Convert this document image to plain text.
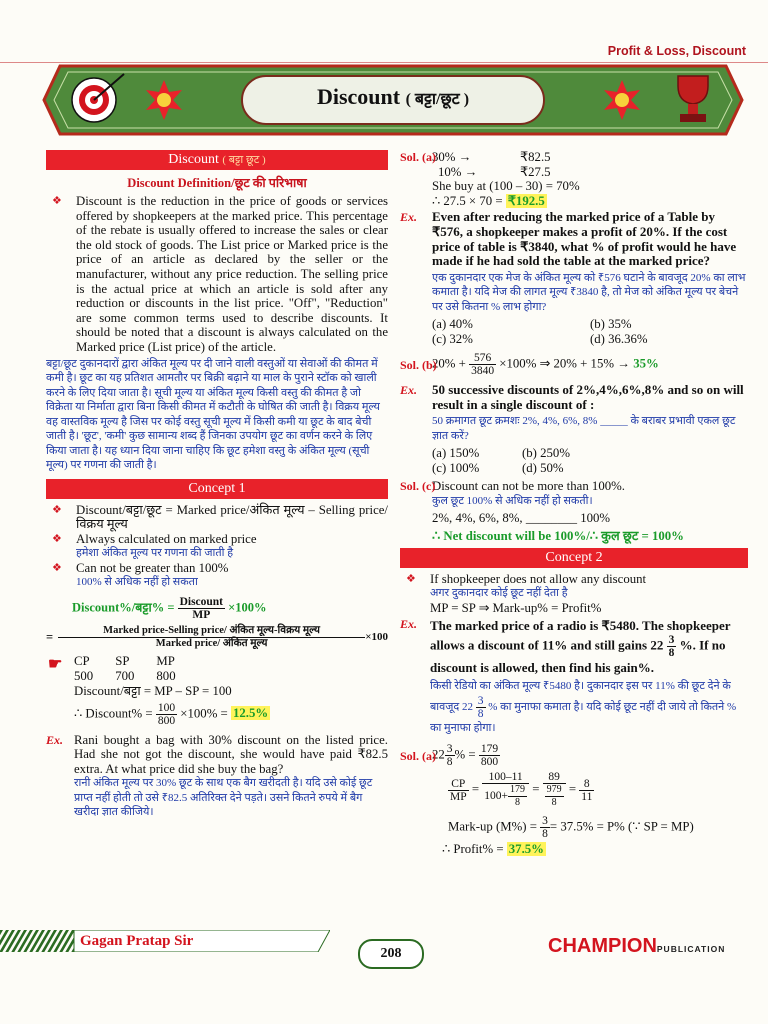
Profit & Loss, Discount
Discount ( बट्टा/छूट )
Discount ( बट्टा छूट )
Discount Definition/छूट की परिभाषा

❖ Discount is the reduction in the price of goods or services offered by shopkeepers at the marked price. This percentage of the rebate is usually offered to increase the sales or clear the old stock of goods. The List price or Marked price is the price of an article as declared by the seller or the manufacturer, without any price reduction. The selling price is the actual price at which an article is sold after any reduction or discounts in the list price. "Off", "Reduction" are some common terms used to describe discounts. It should be noted that a discount is always calculated on the Marked price (List price) of the article.

बट्टा/छूट दुकानदारों द्वारा अंकित मूल्य पर दी जाने वाली वस्तुओं या सेवाओं की कीमत में कमी है। छूट का यह प्रतिशत आमतौर पर बिक्री बढ़ाने या माल के पुराने स्टॉक को खाली करने के लिए दिया जाता है। सूची मूल्य या अंकित मूल्य किसी वस्तु की कीमत है जो विक्रेता या निर्माता द्वारा बिना किसी कीमत में कटौती के घोषित की जाती है। विक्रय मूल्य वह वास्तविक मूल्य है जिस पर कोई वस्तु सूची मूल्य में किसी कमी या छूट के बाद बेची जाती है। 'छूट', 'कमी' कुछ सामान्य शब्द हैं जिनका उपयोग छूट का वर्णन करने के लिए किया जाता है। यह ध्यान दिया जाना चाहिए कि छूट हमेशा वस्तु के अंकित मूल्य (सूची मूल्य) पर गणना की जाती है।

Concept 1

❖ Discount/बट्टा/छूट = Marked price/अंकित मूल्य – Selling price/विक्रय मूल्य

❖ Always calculated on marked price

हमेशा अंकित मूल्य पर गणना की जाती है

❖ Can not be greater than 100%

100% से अधिक नहीं हो सकता

Discount%/बट्टा% = $\frac{\text{Discount}}{MP} \times 100\%$
= $\frac{\text{Marked price-Selling price/ अंकित मूल्य-विक्रय मूल्य}}{\text{Marked price/ अंकित मूल्य}} \times 100$
☛ CP	SP	MP
500	700	800

Discount/बट्टा = MP – SP = 100

∴ Discount% = $\frac{100}{800} \times 100\% = 12.5\%$

Ex. Rani bought a bag with 30% discount on the listed price. Had she not got the discount, she would have paid ₹82.5 extra. At what price did she buy the bag?

रानी अंकित मूल्य पर 30% छूट के साथ एक बैग खरीदती है। यदि उसे कोई छूट प्राप्त नहीं होती तो उसे ₹82.5 अतिरिक्त देने पड़ते। उसने कितने रुपये में बैग खरीदा ज्ञात कीजिये।

Sol. (a)

30% →	₹82.5

10% →	₹27.5

She buy at (100 – 30) = 70%

∴ 27.5 × 70 = ₹192.5

Ex. Even after reducing the marked price of a Table by ₹576, a shopkeeper makes a profit of 20%. If the cost price of table is ₹3840, what % of profit would he have made if he had sold the table at the marked price?

एक दुकानदार एक मेज के अंकित मूल्य को ₹576 घटाने के बावजूद 20% का लाभ कमाता है। यदि मेज की लागत मूल्य ₹3840 है, तो मेज को अंकित मूल्य पर बेचने पर उसे कितना % लाभ होगा?

(a) 40%	(b) 35%
(c) 32%	(d) 36.36%
Sol. (b)

$20\% + \frac{576}{3840} \times 100\%$ ⇒ 20% + 15% → 35%

Ex. 50 successive discounts of 2%,4%,6%,8% and so on will result in a single discount of :

50 क्रमागत छूट क्रमशः 2%, 4%, 6%, 8% _____ के बराबर प्रभावी एकल छूट ज्ञात करें?

(a) 150%	(b) 250%
(c) 100%	(d) 50%
Sol. (c)

Discount can not be more than 100%.

कुल छूट 100% से अधिक नहीं हो सकती।

2%, 4%, 6%, 8%, ________ 100%

∴ Net discount will be 100%/∴ कुल छूट = 100%

Concept 2

❖ If shopkeeper does not allow any discount

अगर दुकानदार कोई छूट नहीं देता है

MP = SP ⇒ Mark-up% = Profit%

Ex. The marked price of a radio is ₹5480. The shopkeeper allows a discount of 11% and still gains $22 \frac{3}{8}$ %. If no discount is allowed, then find his gain%.

किसी रेडियो का अंकित मूल्य ₹5480 है। दुकानदार इस पर 11% की छूट देने के बावजूद $22 \frac{3}{8}$ % का मुनाफा कमाता है। यदि कोई छूट नहीं दी जाये तो कितने % का मुनाफा होगा।

Sol. (a)

$22 \frac{3}{8}$ % = $\frac{179}{800}$

$\frac{CP}{MP} = \frac{100-11}{100+ \frac{179}{8}} = \frac{89}{\frac{979}{8}} = \frac{8}{11}$

Mark-up $(M\%) = \frac{3}{8} = 37.5\% = P\%$ (∵ SP = MP)

∴ Profit% = 37.5%

Gagan Pratap Sir
208	CHAMPIONPUBLICATION
